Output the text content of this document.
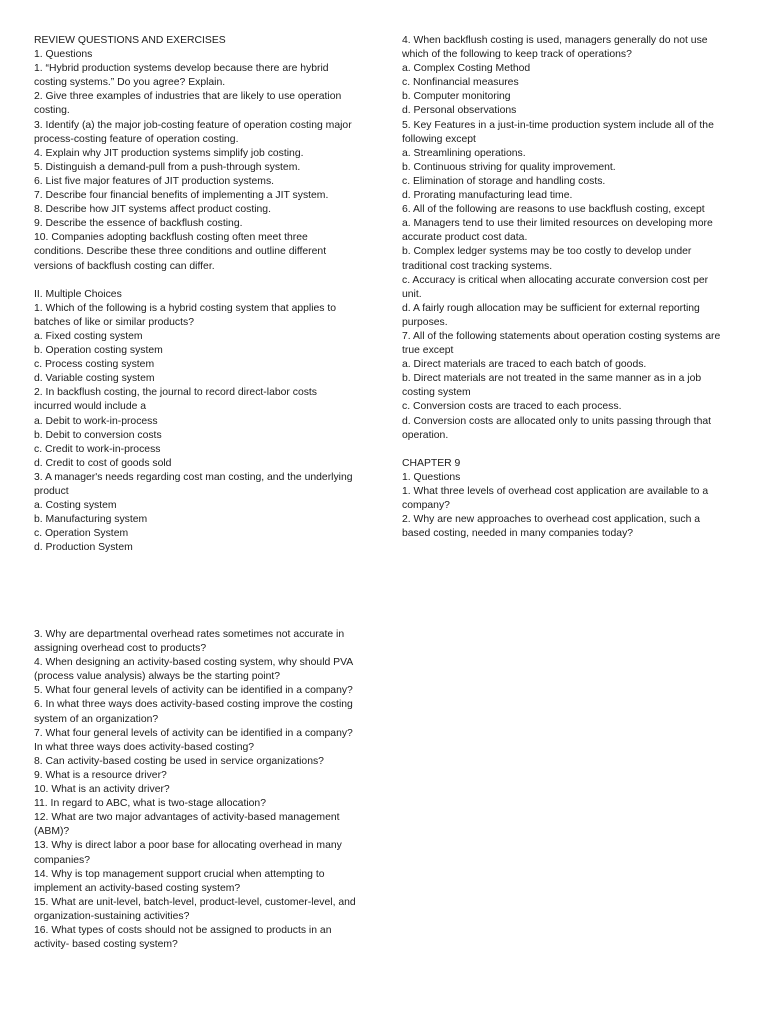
REVIEW QUESTIONS AND EXERCISES
1. Questions
1. “Hybrid production systems develop because there are hybrid
costing systems.” Do you agree? Explain.
2. Give three examples of industries that are likely to use operation
costing.
3. Identify (a) the major job-costing feature of operation costing major
process-costing feature of operation costing.
4. Explain why JIT production systems simplify job costing.
5. Distinguish a demand-pull from a push-through system.
6. List five major features of JIT production systems.
7. Describe four financial benefits of implementing a JIT system.
8. Describe how JIT systems affect product costing.
9. Describe the essence of backflush costing.
10. Companies adopting backflush costing often meet three
conditions. Describe these three conditions and outline different
versions of backflush costing can differ.
II. Multiple Choices
1. Which of the following is a hybrid costing system that applies to
batches of like or similar products?
a. Fixed costing system
b. Operation costing system
c. Process costing system
d. Variable costing system
2. In backflush costing, the journal to record direct-labor costs
incurred would include a
a. Debit to work-in-process
b. Debit to conversion costs
c. Credit to work-in-process
d. Credit to cost of goods sold
3. A manager's needs regarding cost man costing, and the underlying
product
a. Costing system
b. Manufacturing system
c. Operation System
d. Production System
4. When backflush costing is used, managers generally do not use
which of the following to keep track of operations?
a. Complex Costing Method
c. Nonfinancial measures
b. Computer monitoring
d. Personal observations
5. Key Features in a just-in-time production system include all of the
following except
a. Streamlining operations.
b. Continuous striving for quality improvement.
c. Elimination of storage and handling costs.
d. Prorating manufacturing lead time.
6. All of the following are reasons to use backflush costing, except
a. Managers tend to use their limited resources on developing more
accurate product cost data.
b. Complex ledger systems may be too costly to develop under
traditional cost tracking systems.
c. Accuracy is critical when allocating accurate conversion cost per
unit.
d. A fairly rough allocation may be sufficient for external reporting
purposes.
7. All of the following statements about operation costing systems are
true except
a. Direct materials are traced to each batch of goods.
b. Direct materials are not treated in the same manner as in a job
costing system
c. Conversion costs are traced to each process.
d. Conversion costs are allocated only to units passing through that
operation.
CHAPTER 9
1. Questions
1. What three levels of overhead cost application are available to a
company?
2. Why are new approaches to overhead cost application, such a
based costing, needed in many companies today?
3. Why are departmental overhead rates sometimes not accurate in
assigning overhead cost to products?
4. When designing an activity-based costing system, why should PVA
(process value analysis) always be the starting point?
5. What four general levels of activity can be identified in a company?
6. In what three ways does activity-based costing improve the costing
system of an organization?
7. What four general levels of activity can be identified in a company?
In what three ways does activity-based costing?
8. Can activity-based costing be used in service organizations?
9. What is a resource driver?
10. What is an activity driver?
11. In regard to ABC, what is two-stage allocation?
12. What are two major advantages of activity-based management
(ABM)?
13. Why is direct labor a poor base for allocating overhead in many
companies?
14. Why is top management support crucial when attempting to
implement an activity-based costing system?
15. What are unit-level, batch-level, product-level, customer-level, and
organization-sustaining activities?
16. What types of costs should not be assigned to products in an
activity- based costing system?
